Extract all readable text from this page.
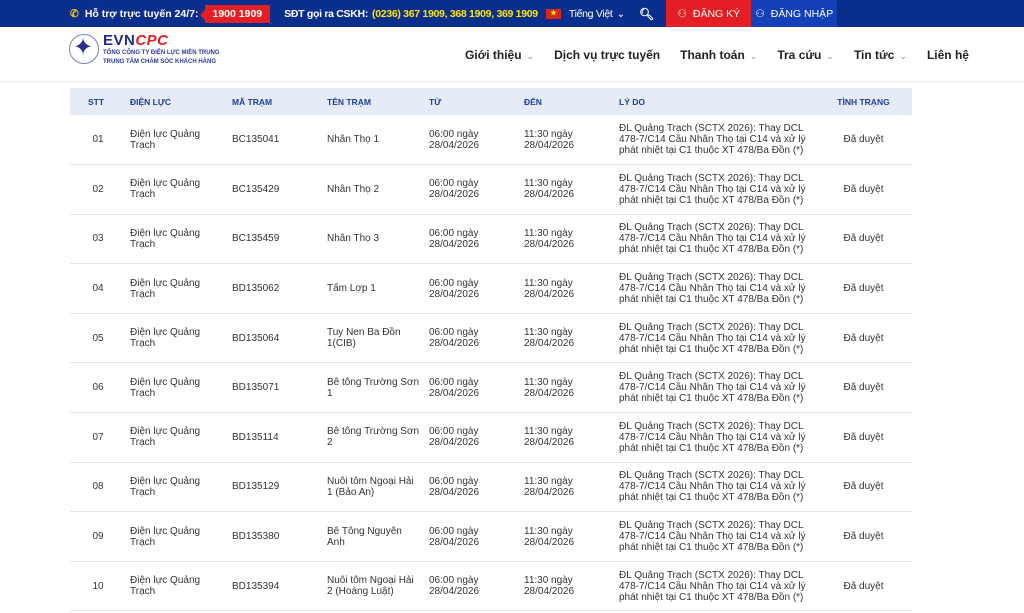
✆ Hỗ trợ trực tuyến 24/7:	1900 1909	SĐT gọi ra CSKH: (0236) 367 1909, 368 1909, 369 1909	★	Tiếng Việt ⌄ 🔍︎ ⚇ ĐĂNG KÝ ⚇ ĐĂNG NHẬP
✦
EVNCPC
TỔNG CÔNG TY ĐIỆN LỰC MIỀN TRUNG
TRUNG TÂM CHĂM SÓC KHÁCH HÀNG
Giới thiệu ⌄ Dịch vụ trực tuyến Thanh toán ⌄ Tra cứu ⌄ Tin tức ⌄ Liên hệ
STT	ĐIỆN LỰC	MÃ TRẠM	TÊN TRẠM	TỪ	ĐẾN	LÝ DO	TÌNH TRẠNG
01	Điện lực Quảng Trạch	BC135041	Nhân Thọ 1	06:00 ngày 28/04/2026	11:30 ngày 28/04/2026	ĐL Quảng Trạch (SCTX 2026): Thay DCL 478-7/C14 Cầu Nhân Thọ tại C14 và xử lý phát nhiệt tại C1 thuộc XT 478/Ba Đồn (*)	Đã duyệt
02	Điện lực Quảng Trạch	BC135429	Nhân Thọ 2	06:00 ngày 28/04/2026	11:30 ngày 28/04/2026	ĐL Quảng Trạch (SCTX 2026): Thay DCL 478-7/C14 Cầu Nhân Thọ tại C14 và xử lý phát nhiệt tại C1 thuộc XT 478/Ba Đồn (*)	Đã duyệt
03	Điện lực Quảng Trạch	BC135459	Nhân Thọ 3	06:00 ngày 28/04/2026	11:30 ngày 28/04/2026	ĐL Quảng Trạch (SCTX 2026): Thay DCL 478-7/C14 Cầu Nhân Thọ tại C14 và xử lý phát nhiệt tại C1 thuộc XT 478/Ba Đồn (*)	Đã duyệt
04	Điện lực Quảng Trạch	BD135062	Tấm Lợp 1	06:00 ngày 28/04/2026	11:30 ngày 28/04/2026	ĐL Quảng Trạch (SCTX 2026): Thay DCL 478-7/C14 Cầu Nhân Thọ tại C14 và xử lý phát nhiệt tại C1 thuộc XT 478/Ba Đồn (*)	Đã duyệt
05	Điện lực Quảng Trạch	BD135064	Tuy Nen Ba Đồn 1(CIB)	06:00 ngày 28/04/2026	11:30 ngày 28/04/2026	ĐL Quảng Trạch (SCTX 2026): Thay DCL 478-7/C14 Cầu Nhân Thọ tại C14 và xử lý phát nhiệt tại C1 thuộc XT 478/Ba Đồn (*)	Đã duyệt
06	Điện lực Quảng Trạch	BD135071	Bê tông Trường Sơn 1	06:00 ngày 28/04/2026	11:30 ngày 28/04/2026	ĐL Quảng Trạch (SCTX 2026): Thay DCL 478-7/C14 Cầu Nhân Thọ tại C14 và xử lý phát nhiệt tại C1 thuộc XT 478/Ba Đồn (*)	Đã duyệt
07	Điện lực Quảng Trạch	BD135114	Bê tông Trường Sơn 2	06:00 ngày 28/04/2026	11:30 ngày 28/04/2026	ĐL Quảng Trạch (SCTX 2026): Thay DCL 478-7/C14 Cầu Nhân Thọ tại C14 và xử lý phát nhiệt tại C1 thuộc XT 478/Ba Đồn (*)	Đã duyệt
08	Điện lực Quảng Trạch	BD135129	Nuôi tôm Ngoại Hải 1 (Bảo An)	06:00 ngày 28/04/2026	11:30 ngày 28/04/2026	ĐL Quảng Trạch (SCTX 2026): Thay DCL 478-7/C14 Cầu Nhân Thọ tại C14 và xử lý phát nhiệt tại C1 thuộc XT 478/Ba Đồn (*)	Đã duyệt
09	Điện lực Quảng Trạch	BD135380	Bê Tông Nguyên Anh	06:00 ngày 28/04/2026	11:30 ngày 28/04/2026	ĐL Quảng Trạch (SCTX 2026): Thay DCL 478-7/C14 Cầu Nhân Thọ tại C14 và xử lý phát nhiệt tại C1 thuộc XT 478/Ba Đồn (*)	Đã duyệt
10	Điện lực Quảng Trạch	BD135394	Nuôi tôm Ngoại Hải 2 (Hoàng Luật)	06:00 ngày 28/04/2026	11:30 ngày 28/04/2026	ĐL Quảng Trạch (SCTX 2026): Thay DCL 478-7/C14 Cầu Nhân Thọ tại C14 và xử lý phát nhiệt tại C1 thuộc XT 478/Ba Đồn (*)	Đã duyệt
